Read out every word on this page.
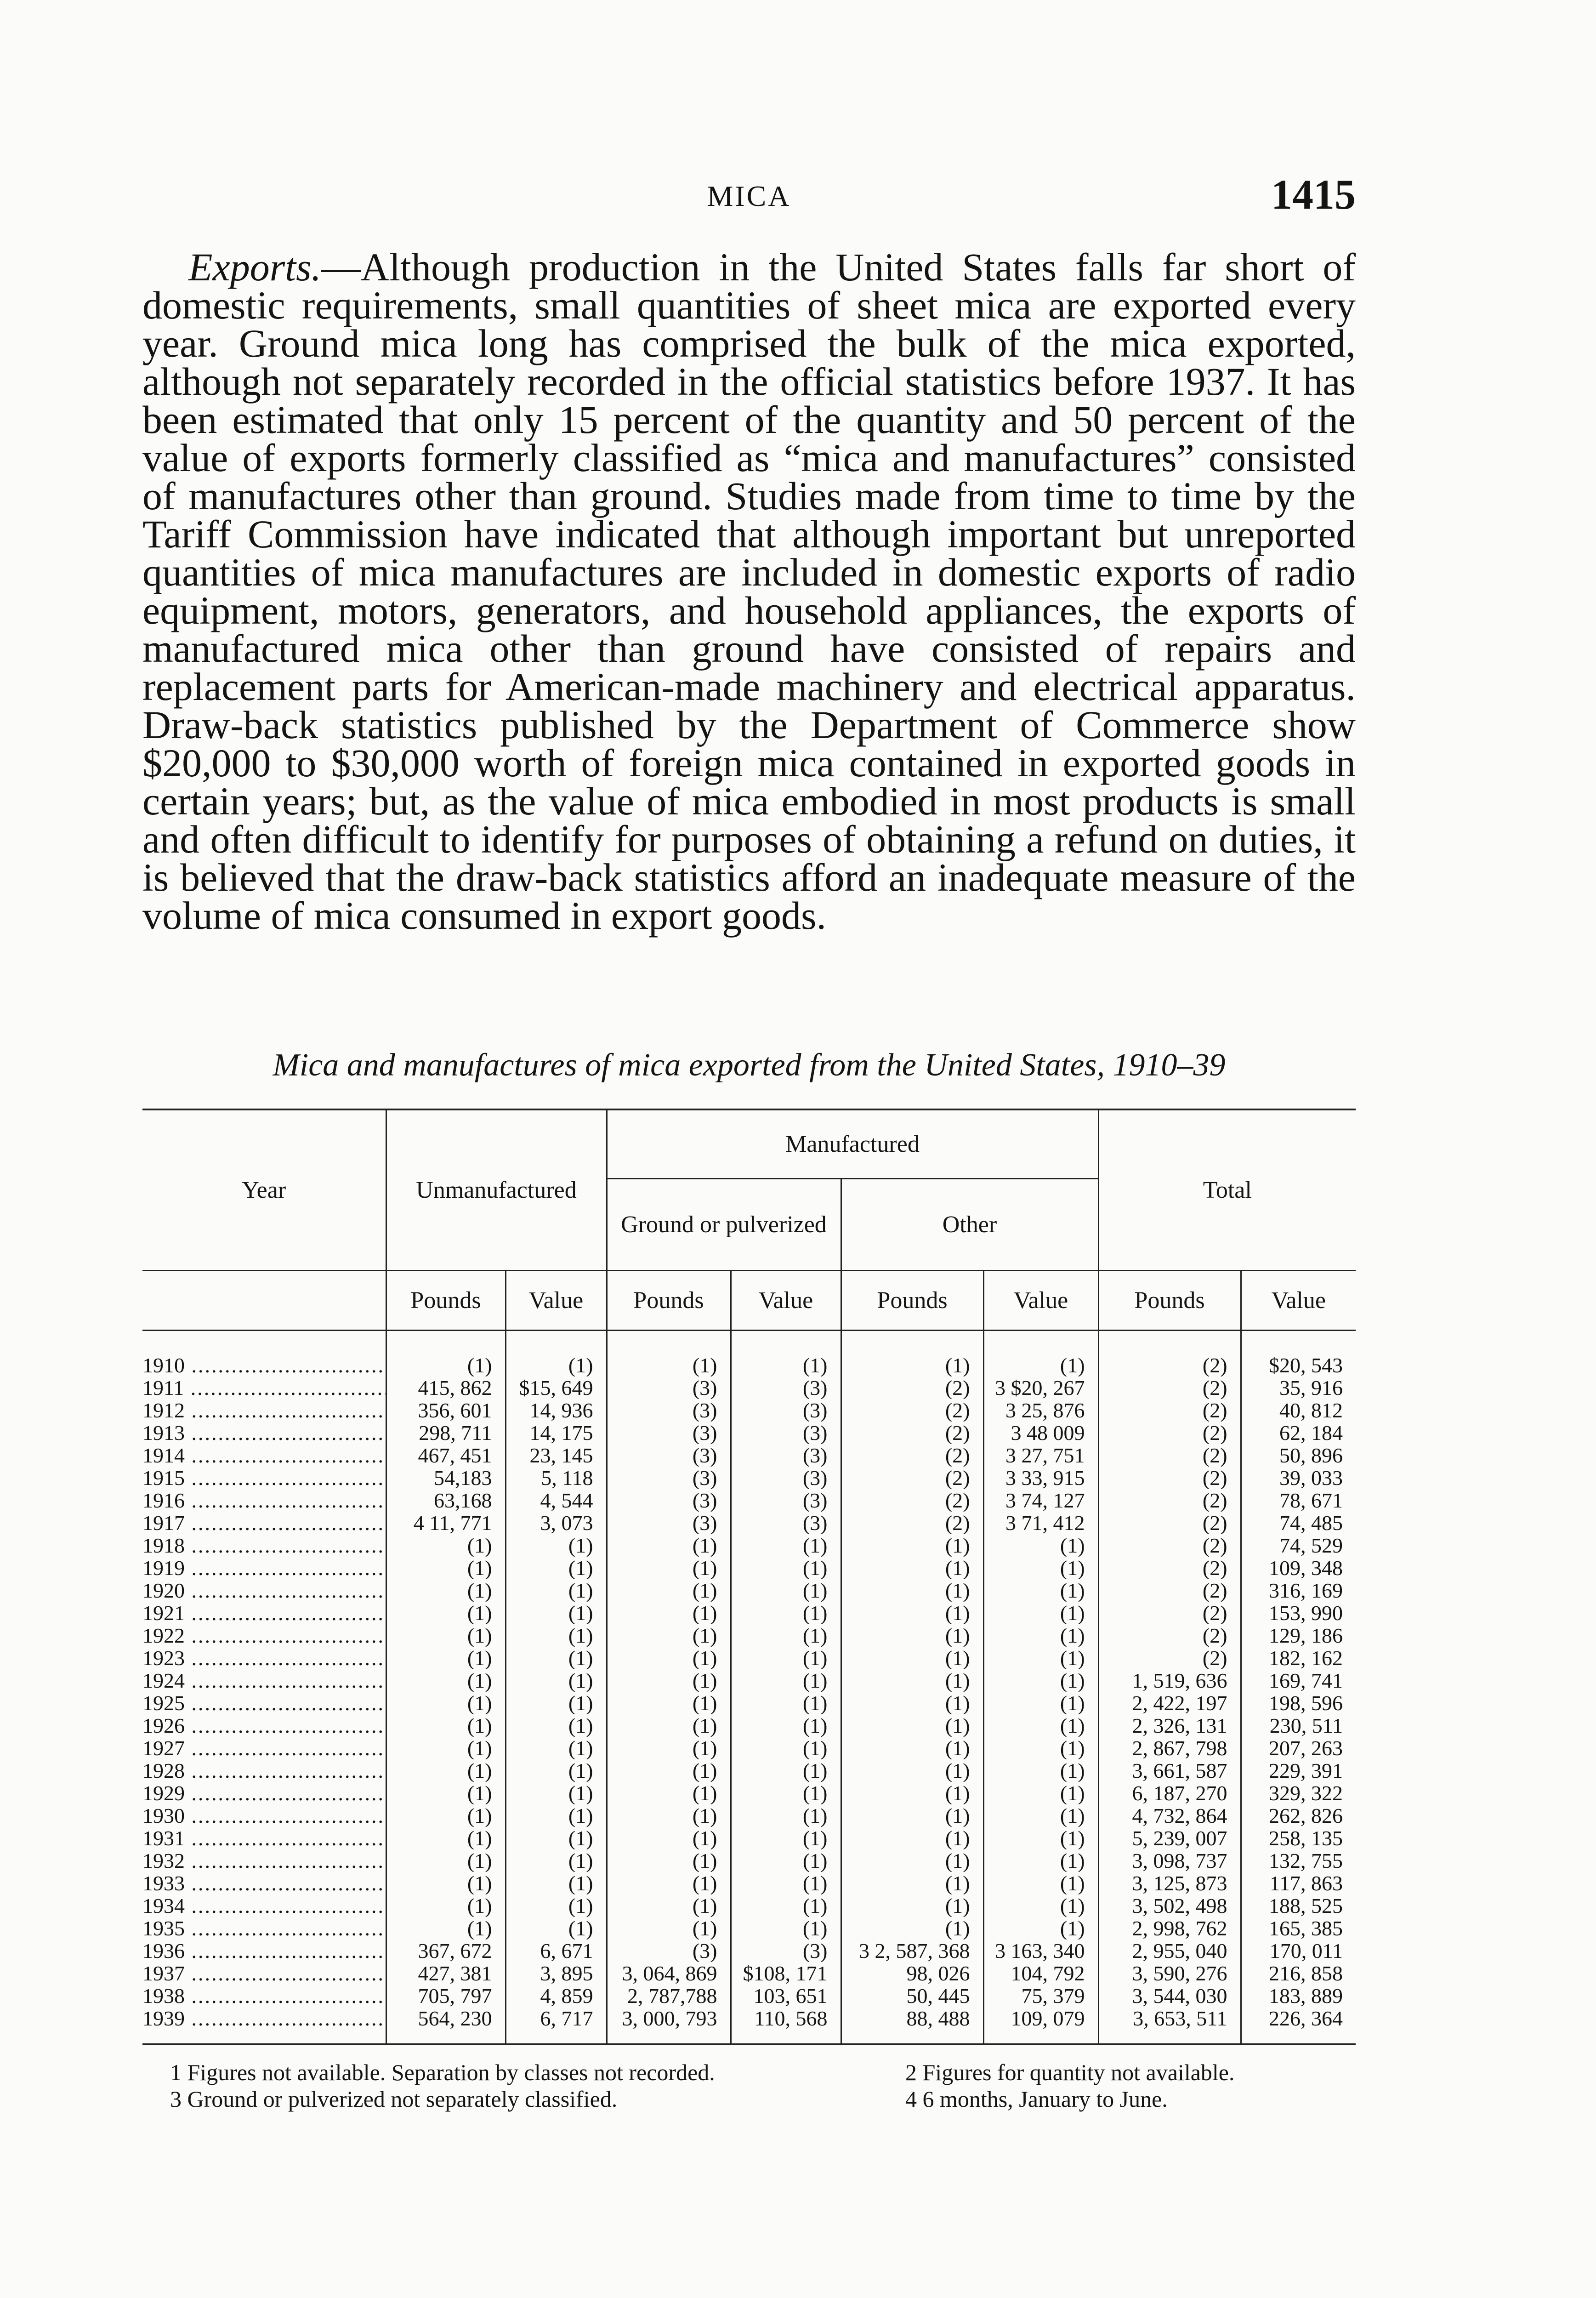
MICA	1415

Exports.—Although production in the United States falls far short of domestic requirements, small quantities of sheet mica are exported every year. Ground mica long has comprised the bulk of the mica exported, although not separately recorded in the official statistics before 1937. It has been estimated that only 15 percent of the quantity and 50 percent of the value of exports formerly classified as “mica and manufactures” consisted of manufactures other than ground. Studies made from time to time by the Tariff Commission have indicated that although important but unreported quantities of mica manufactures are included in domestic exports of radio equipment, motors, generators, and household appliances, the exports of manufactured mica other than ground have consisted of repairs and replacement parts for American-made machinery and electrical apparatus. Draw-back statistics published by the Department of Commerce show $20,000 to $30,000 worth of foreign mica contained in exported goods in certain years; but, as the value of mica embodied in most products is small and often difficult to identify for purposes of obtaining a refund on duties, it is believed that the draw-back statistics afford an inadequate measure of the volume of mica consumed in export goods.

Mica and manufactures of mica exported from the United States, 1910–39
Year	Unmanufactured		Manufactured				Total	
			Ground or pulverized		Other			
	Pounds	Value	Pounds	Value	Pounds	Value	Pounds	Value
1910 .....	(1)	(1)	(1)	(1)	(1)	(1)	(2)	$20, 543
1911 .....	415, 862	$15, 649	(3)	(3)	(2)	3 $20, 267	(2)	35, 916
1912 .....	356, 601	14, 936	(3)	(3)	(2)	3 25, 876	(2)	40, 812
1913 .....	298, 711	14, 175	(3)	(3)	(2)	3 48 009	(2)	62, 184
1914 .....	467, 451	23, 145	(3)	(3)	(2)	3 27, 751	(2)	50, 896
1915 .....	54,183	5, 118	(3)	(3)	(2)	3 33, 915	(2)	39, 033
1916 .....	63,168	4, 544	(3)	(3)	(2)	3 74, 127	(2)	78, 671
1917 .....	4 11, 771	3, 073	(3)	(3)	(2)	3 71, 412	(2)	74, 485
1918 .....	(1)	(1)	(1)	(1)	(1)	(1)	(2)	74, 529
1919 .....	(1)	(1)	(1)	(1)	(1)	(1)	(2)	109, 348
1920 .....	(1)	(1)	(1)	(1)	(1)	(1)	(2)	316, 169
1921 .....	(1)	(1)	(1)	(1)	(1)	(1)	(2)	153, 990
1922 .....	(1)	(1)	(1)	(1)	(1)	(1)	(2)	129, 186
1923 .....	(1)	(1)	(1)	(1)	(1)	(1)	(2)	182, 162
1924 .....	(1)	(1)	(1)	(1)	(1)	(1)	1, 519, 636	169, 741
1925 .....	(1)	(1)	(1)	(1)	(1)	(1)	2, 422, 197	198, 596
1926 .....	(1)	(1)	(1)	(1)	(1)	(1)	2, 326, 131	230, 511
1927 .....	(1)	(1)	(1)	(1)	(1)	(1)	2, 867, 798	207, 263
1928 .....	(1)	(1)	(1)	(1)	(1)	(1)	3, 661, 587	229, 391
1929 .....	(1)	(1)	(1)	(1)	(1)	(1)	6, 187, 270	329, 322
1930 .....	(1)	(1)	(1)	(1)	(1)	(1)	4, 732, 864	262, 826
1931 .....	(1)	(1)	(1)	(1)	(1)	(1)	5, 239, 007	258, 135
1932 .....	(1)	(1)	(1)	(1)	(1)	(1)	3, 098, 737	132, 755
1933 .....	(1)	(1)	(1)	(1)	(1)	(1)	3, 125, 873	117, 863
1934 .....	(1)	(1)	(1)	(1)	(1)	(1)	3, 502, 498	188, 525
1935 .....	(1)	(1)	(1)	(1)	(1)	(1)	2, 998, 762	165, 385
1936 .....	367, 672	6, 671	(3)	(3)	3 2, 587, 368	3 163, 340	2, 955, 040	170, 011
1937 .....	427, 381	3, 895	3, 064, 869	$108, 171	98, 026	104, 792	3, 590, 276	216, 858
1938 .....	705, 797	4, 859	2, 787,788	103, 651	50, 445	75, 379	3, 544, 030	183, 889
1939 .....	564, 230	6, 717	3, 000, 793	110, 568	88, 488	109, 079	3, 653, 511	226, 364
1 Figures not available. Separation by classes not recorded.	2 Figures for quantity not available.
3 Ground or pulverized not separately classified.	4 6 months, January to June.
